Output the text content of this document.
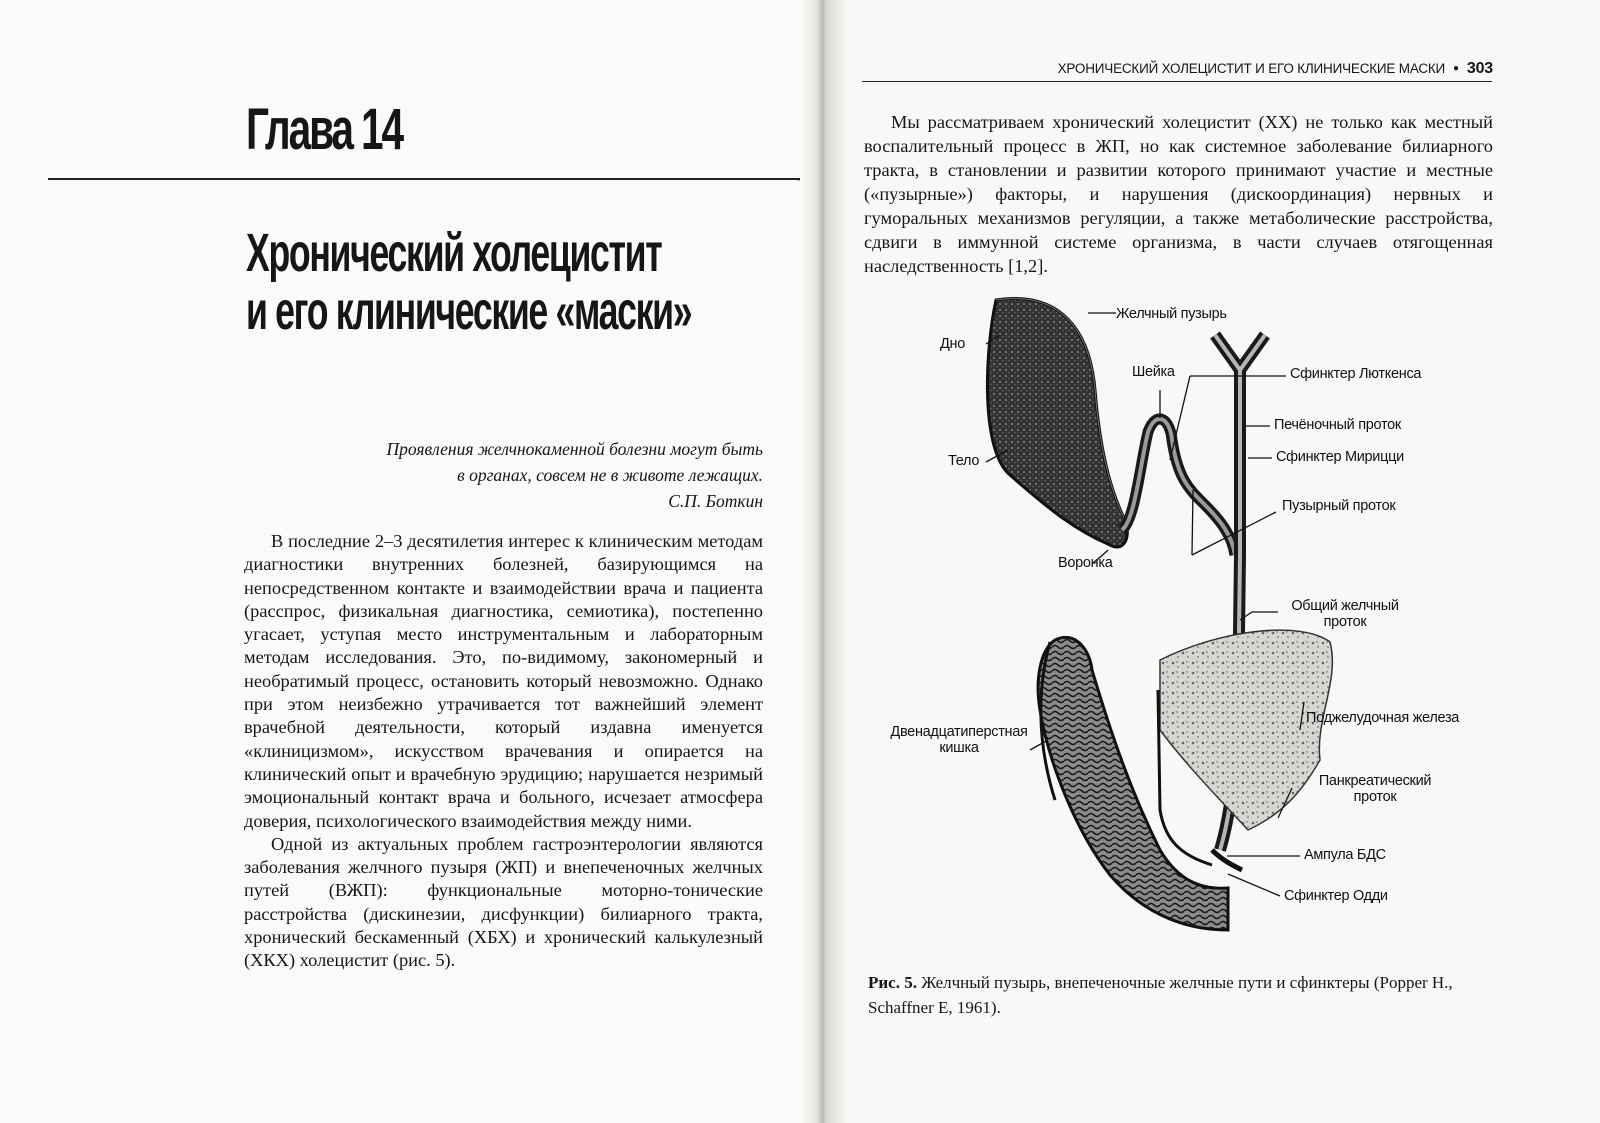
Глава 14
Хронический холецистит
и его клинические «маски»
Проявления желчнокаменной болезни могут быть
в органах, совсем не в животе лежащих.
С.П. Боткин

В последние 2–3 десятилетия интерес к клиническим методам диагностики внутренних болезней, базирующимся на непосредственном контакте и взаимодействии врача и пациента (расспрос, физикальная диагностика, семиотика), постепенно угасает, уступая место инструментальным и лабораторным методам исследования. Это, по-видимому, закономерный и необратимый процесс, остановить который невозможно. Однако при этом неизбежно утрачивается тот важнейший элемент врачебной деятельности, который издавна именуется «клиницизмом», искусством врачевания и опирается на клинический опыт и врачебную эрудицию; нарушается незримый эмоциональный контакт врача и больного, исчезает атмосфера доверия, психологического взаимодействия между ними.

Одной из актуальных проблем гастроэнтерологии являются заболевания желчного пузыря (ЖП) и внепеченочных желчных путей (ВЖП): функциональные моторно-тонические расстройства (дискинезии, дисфункции) билиарного тракта, хронический бескаменный (ХБХ) и хронический калькулезный (ХКХ) холецистит (рис. 5).

ХРОНИЧЕСКИЙ ХОЛЕЦИСТИТ И ЕГО КЛИНИЧЕСКИЕ МАСКИ ● 303

Мы рассматриваем хронический холецистит (ХХ) не только как местный воспалительный процесс в ЖП, но как системное заболевание билиарного тракта, в становлении и развитии которого принимают участие и местные («пузырные») факторы, и нарушения (дискоординация) нервных и гуморальных механизмов регуляции, а также метаболические расстройства, сдвиги в иммунной системе организма, в части случаев отягощенная наследственность [1,2].

Желчный пузырь
Дно
Шейка	Сфинктер Люткенса
Печёночный проток
Тело	Сфинктер Мирицци
Пузырный проток
Воронка
Общий желчный проток
Поджелудочная железа
Двенадцатиперстная кишка
Панкреатический проток
Ампула БДС
Сфинктер Одди
Рис. 5. Желчный пузырь, внепеченочные желчные пути и сфинктеры (Popper H., Schaffner E, 1961).
